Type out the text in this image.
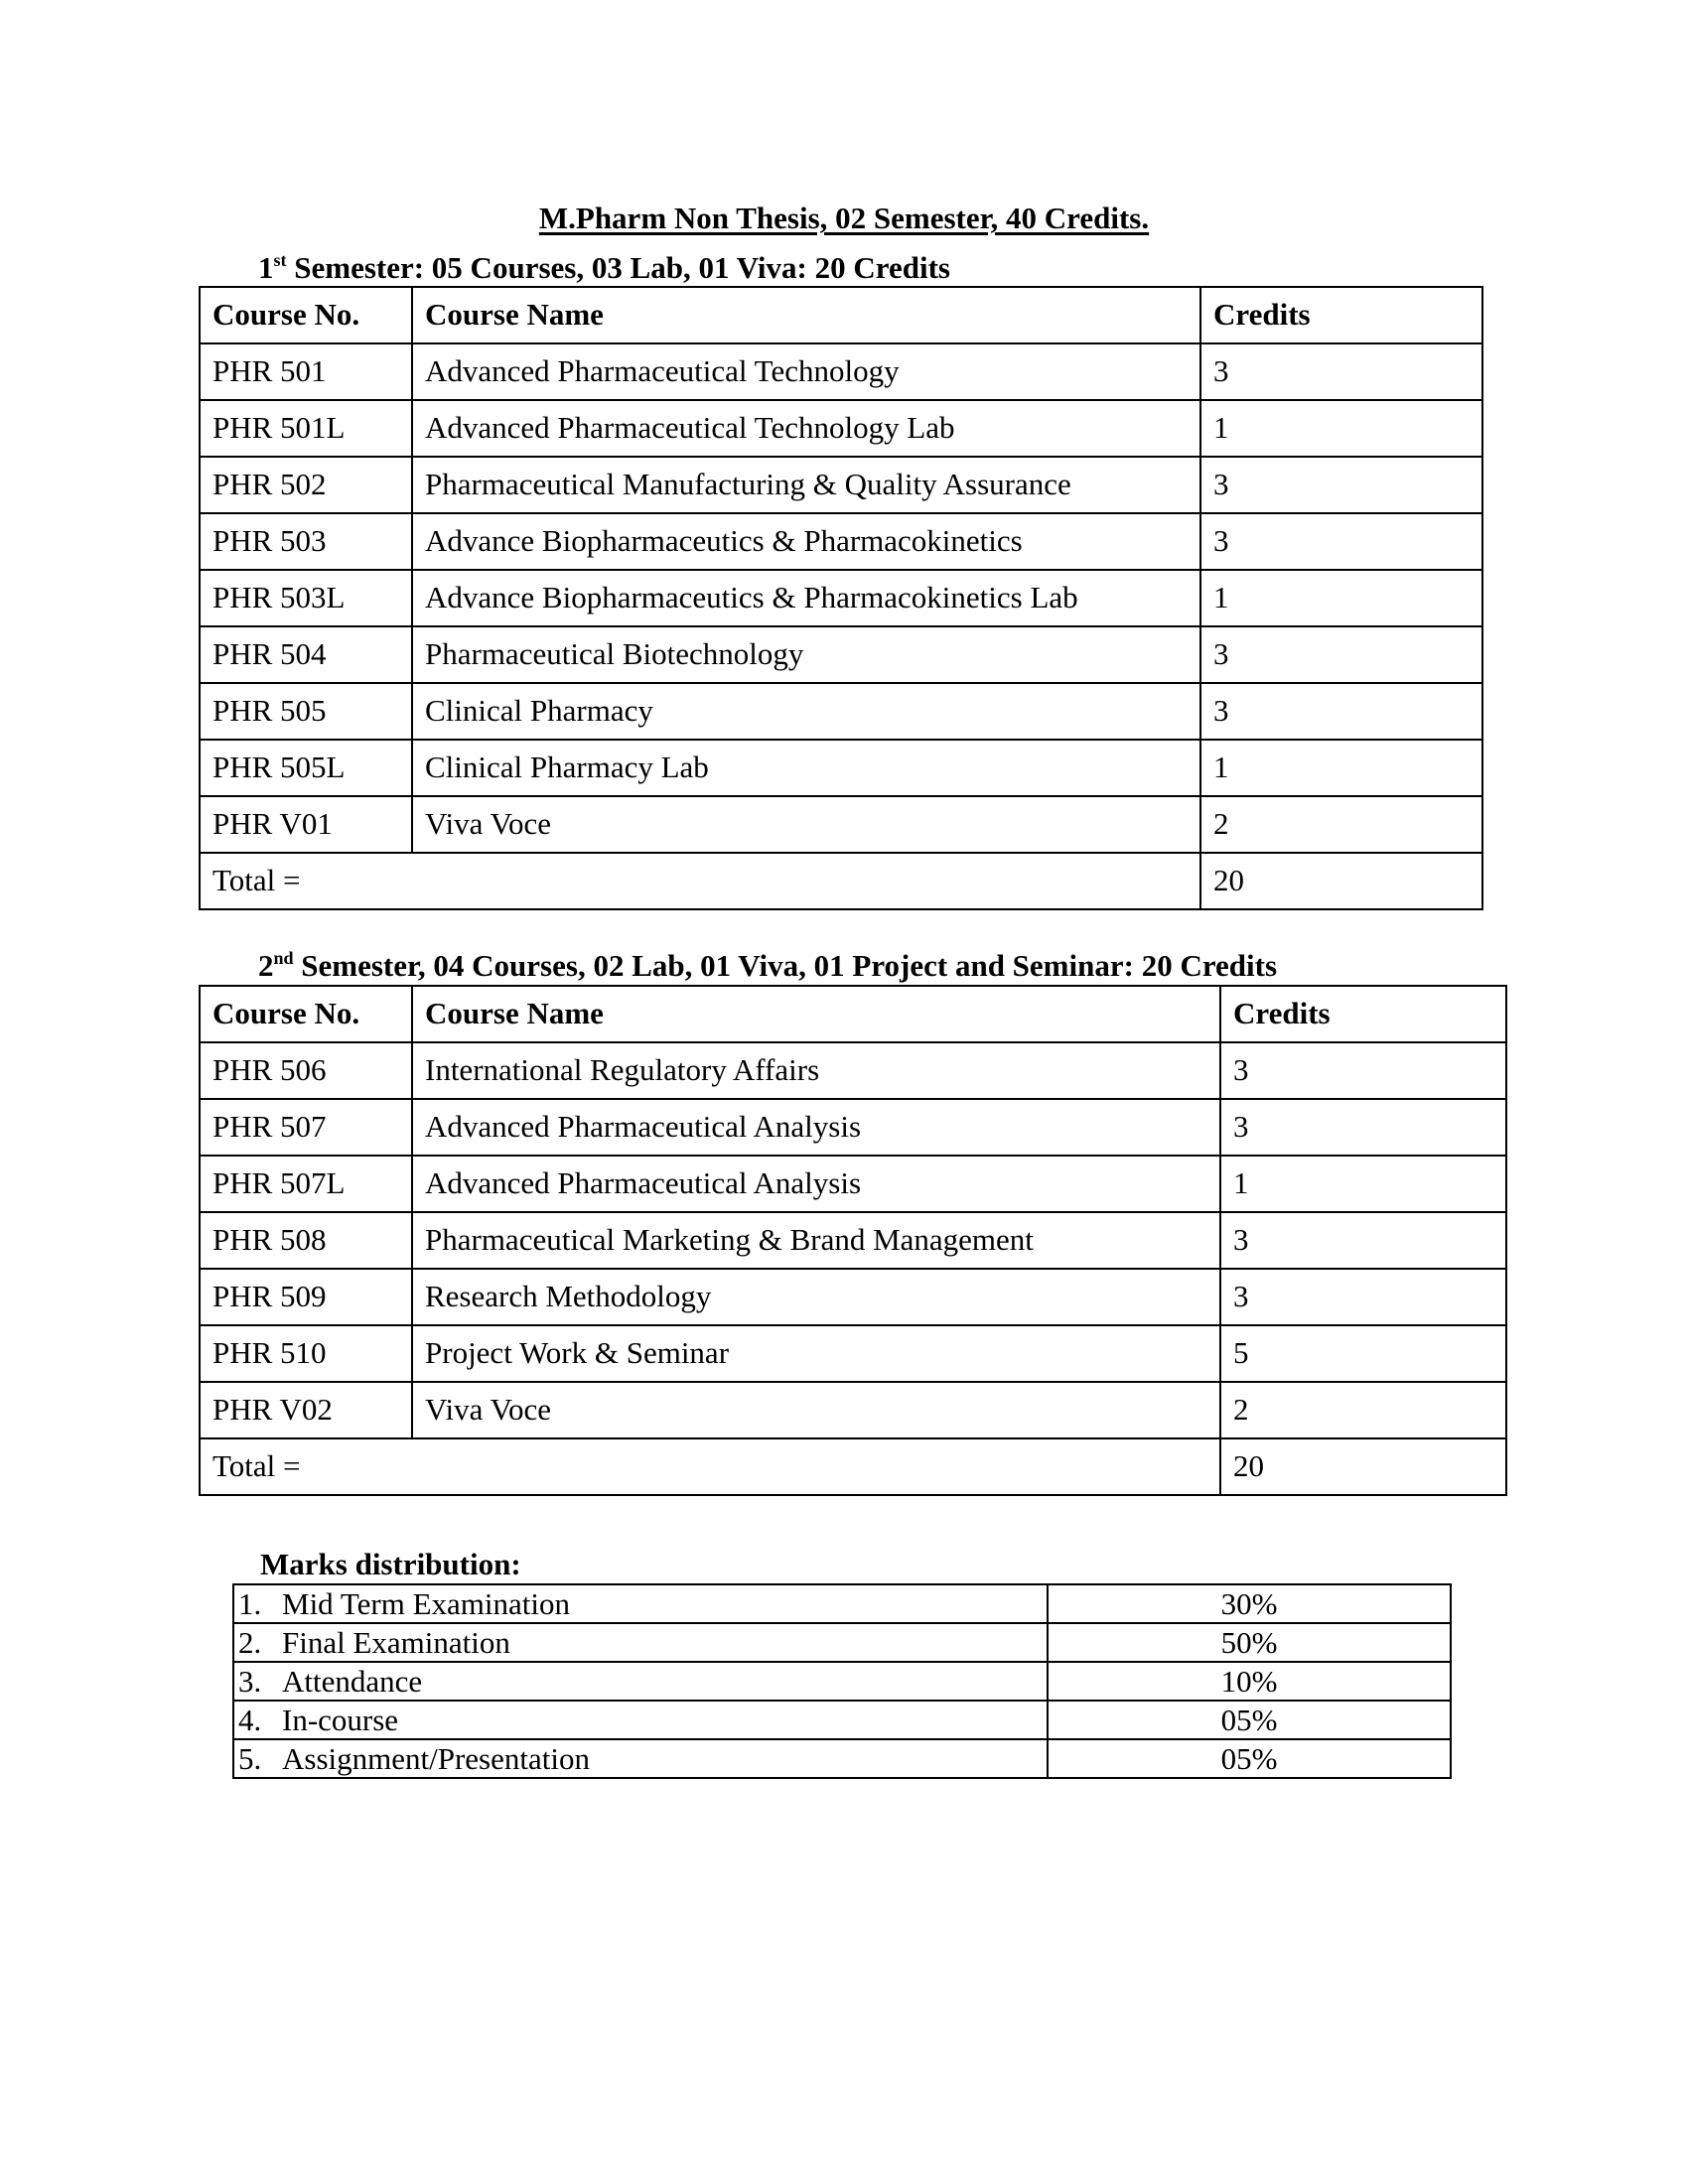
M.Pharm Non Thesis, 02 Semester, 40 Credits.
1st Semester: 05 Courses, 03 Lab, 01 Viva: 20 Credits
Course No.	Course Name	Credits
PHR 501	Advanced Pharmaceutical Technology	3
PHR 501L	Advanced Pharmaceutical Technology Lab	1
PHR 502	Pharmaceutical Manufacturing & Quality Assurance	3
PHR 503	Advance Biopharmaceutics & Pharmacokinetics	3
PHR 503L	Advance Biopharmaceutics & Pharmacokinetics Lab	1
PHR 504	Pharmaceutical Biotechnology	3
PHR 505	Clinical Pharmacy	3
PHR 505L	Clinical Pharmacy Lab	1
PHR V01	Viva Voce	2
Total =		20
2nd Semester, 04 Courses, 02 Lab, 01 Viva, 01 Project and Seminar: 20 Credits
Course No.	Course Name	Credits
PHR 506	International Regulatory Affairs	3
PHR 507	Advanced Pharmaceutical Analysis	3
PHR 507L	Advanced Pharmaceutical Analysis	1
PHR 508	Pharmaceutical Marketing & Brand Management	3
PHR 509	Research Methodology	3
PHR 510	Project Work & Seminar	5
PHR V02	Viva Voce	2
Total =		20
Marks distribution:
1. Mid Term Examination	30%
2. Final Examination	50%
3. Attendance	10%
4. In-course	05%
5. Assignment/Presentation	05%
